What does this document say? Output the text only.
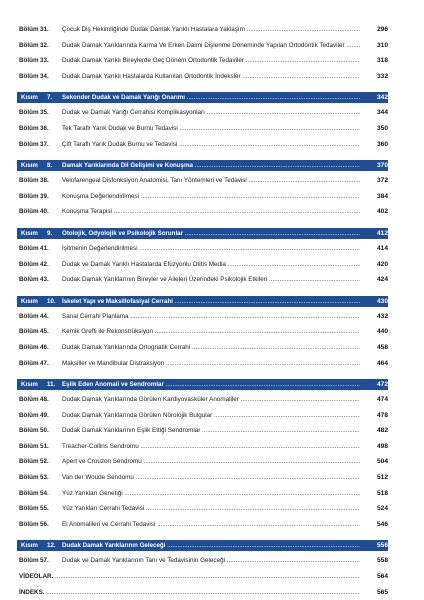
Bölüm 31. Çocuk Diş Hekimliğinde Dudak Damak Yarıklı Hastalara Yaklaşım .....	296
Bölüm 32. Dudak Damak Yarıklarında Karma Ve Erken Daimi Dişlenme Döneminde Yapılan Ortodontik Tedaviler .....	310
Bölüm 33. Dudak Damak Yarıklı Bireylerde Geç Dönem Ortodontik Tedaviler .....	318
Bölüm 34. Dudak Damak Yarıklı Hastalarda Kullanılan Ortodontik İndeksler .....	332
Kısım 7. Sekonder Dudak ve Damak Yarığı Onarımı .....	342
Bölüm 35. Dudak ve Damak Yarığı Cerrahisi Komplikasyonları .....	344
Bölüm 36. Tek Taraflı Yarık Dudak ve Burnu Tedavisi .....	350
Bölüm 37. Çift Taraflı Yarık Dudak Burnu ve Tedavisi .....	360
Kısım 8. Damak Yarıklarında Dil Gelişimi ve Konuşma .....	370
Bölüm 38. Velofarengeal Disfonksiyon Anatomisi, Tanı Yöntemleri ve Tedavisi .....	372
Bölüm 39. Konuşma Değerlendirilmesi .....	384
Bölüm 40. Konuşma Terapisi .....	402
Kısım 9. Otolojik, Odyolojik ve Psikolojik Sorunlar .....	412
Bölüm 41. İşitmenin Değerlendirilmesi .....	414
Bölüm 42. Dudak ve Damak Yarıklı Hastalarda Efüzyonlu Otitis Media .....	420
Bölüm 43. Dudak Damak Yarıklarının Bireyler ve Aileleri Üzerindeki Psikolojik Etkileri .....	424
Kısım 10. İskelet Yapı ve Maksillofasiyal Cerrahi .....	430
Bölüm 44. Sanal Cerrahi Planlama .....	432
Bölüm 45. Kemik Grefti ile Rekonstrüksiyon .....	440
Bölüm 46. Dudak Damak Yarıklarında Ortognatik Cerrahi .....	458
Bölüm 47. Maksiller ve Mandibular Distraksiyon .....	464
Kısım 11. Eşlik Eden Anomali ve Sendromlar .....	472
Bölüm 48. Dudak Damak Yarıklarında Görülen Kardiyovasküler Anomaliler .....	474
Bölüm 49. Dudak Damak Yarıklarında Görülen Nörolojik Bulgular .....	478
Bölüm 50. Dudak Damak Yarıklarının Eşlik Ettiği Sendromlar .....	482
Bölüm 51. Treacher-Collins Sendromu .....	498
Bölüm 52. Apert ve Crouzon Sendromu .....	504
Bölüm 53. Van der Woude Sendomu .....	512
Bölüm 54. Yüz Yarıkları Genetiği .....	518
Bölüm 55. Yüz Yarıkları Cerrahi Tedavisi .....	524
Bölüm 56. El Anomalileri ve Cerrahi Tedavisi .....	546
Kısım 12. Dudak Damak Yarıklarının Geleceği .....	556
Bölüm 57. Dudak ve Damak Yarıklarının Tanı ve Tedavisinin Geleceği .....	558
VİDEOLAR. .....	564
İNDEKS. .....	565
